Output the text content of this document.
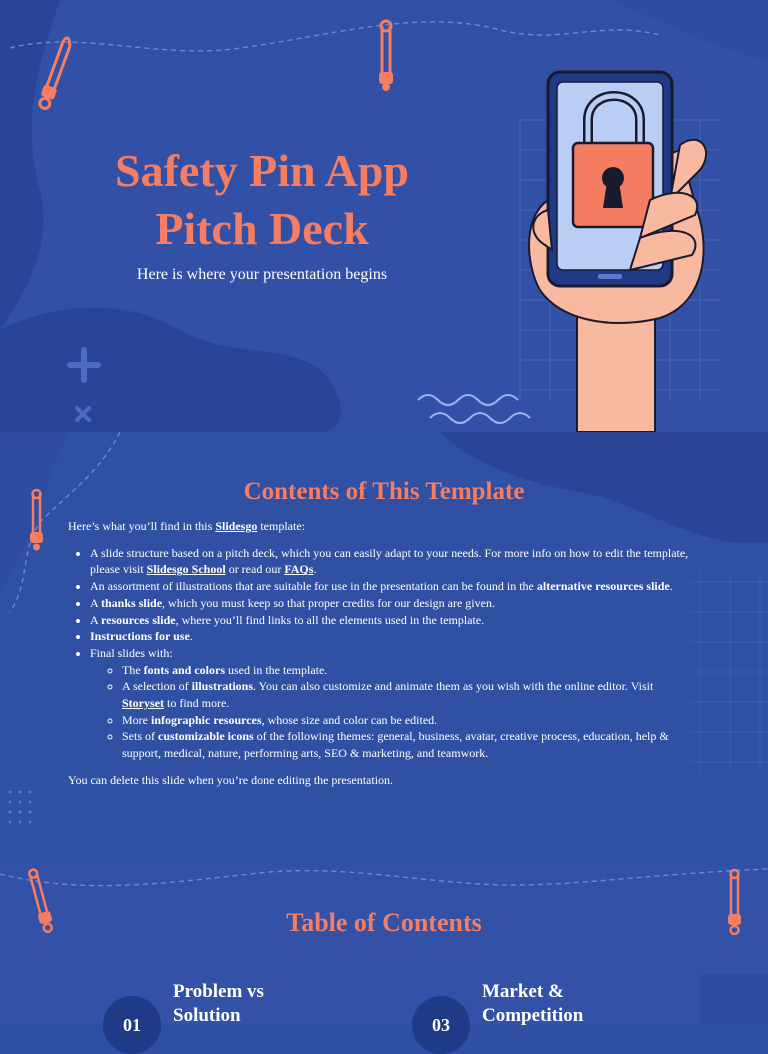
Safety Pin App
Pitch Deck

Here is where your presentation begins

Contents of This Template

Here’s what you’ll find in this Slidesgo template:

• A slide structure based on a pitch deck, which you can easily adapt to your needs. For more info on how to edit the template, please visit Slidesgo School or read our FAQs.
• An assortment of illustrations that are suitable for use in the presentation can be found in the alternative resources slide.
• A thanks slide, which you must keep so that proper credits for our design are given.
• A resources slide, where you’ll find links to all the elements used in the template.
• Instructions for use.
• Final slides with:
◦ The fonts and colors used in the template.
◦ A selection of illustrations. You can also customize and animate them as you wish with the online editor. Visit Storyset to find more.
◦ More infographic resources, whose size and color can be edited.
◦ Sets of customizable icons of the following themes: general, business, avatar, creative process, education, help & support, medical, nature, performing arts, SEO & marketing, and teamwork.

You can delete this slide when you’re done editing the presentation.

Table of Contents
01
Problem vs
Solution	03
Market &
Competition
